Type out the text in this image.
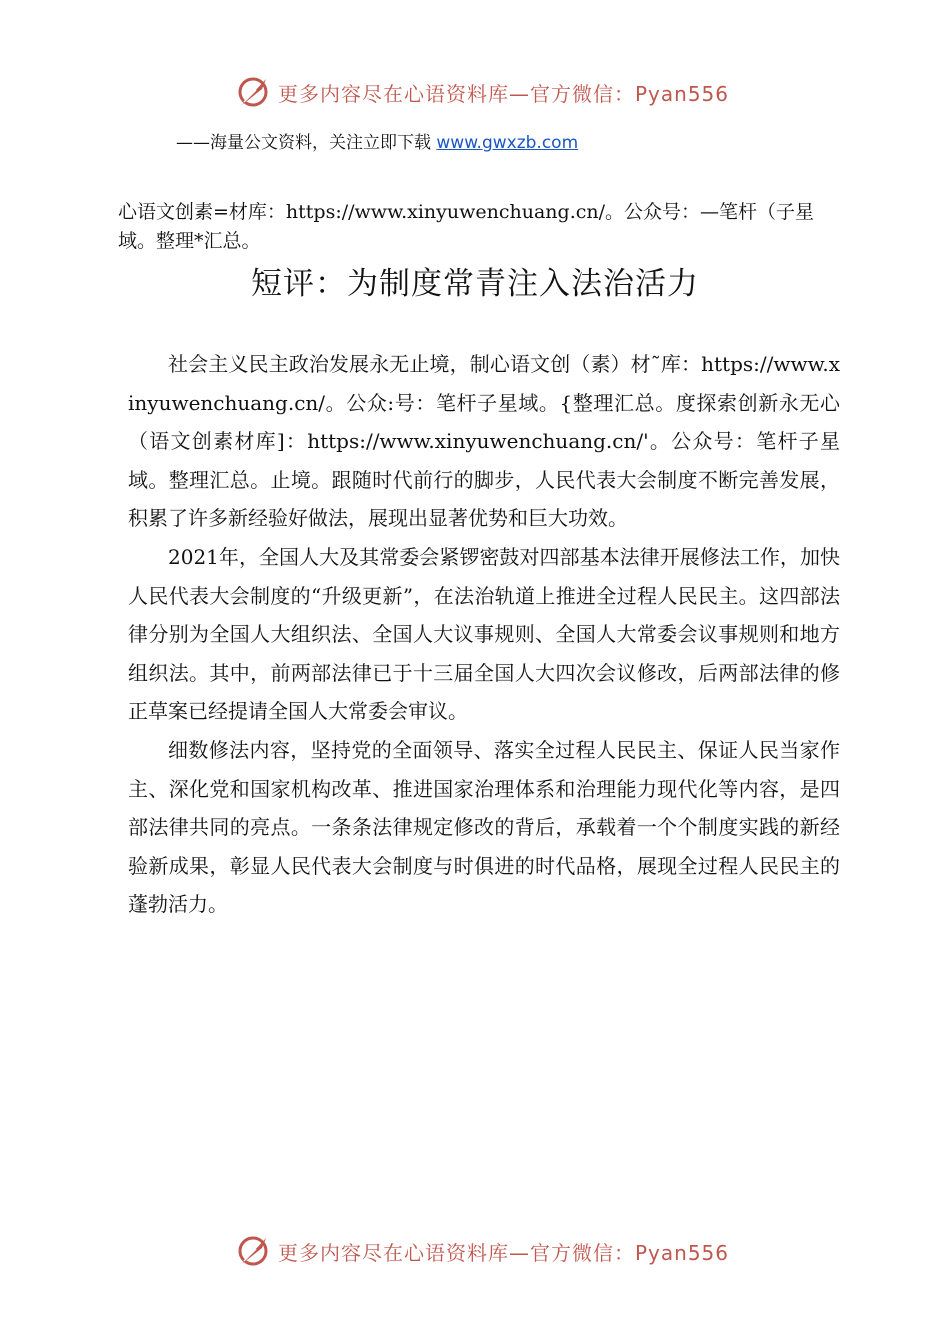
更多内容尽在心语资料库—官方微信：Pyan556
——海量公文资料，关注立即下载 www.gwxzb.com
心语文创素=材库：https://www.xinyuwenchuang.cn/。公众号：—笔杆（子星域。整理*汇总。
短评：为制度常青注入法治活力

社会主义民主政治发展永无止境，制心语文创（素）材˜库：https://www.xinyuwenchuang.cn/。公众:号：笔杆子星域。{整理汇总。度探索创新永无心（语文创素材库]：https://www.xinyuwenchuang.cn/'。公众号：笔杆子星域。整理汇总。止境。跟随时代前行的脚步，人民代表大会制度不断完善发展，积累了许多新经验好做法，展现出显著优势和巨大功效。

2021年，全国人大及其常委会紧锣密鼓对四部基本法律开展修法工作，加快人民代表大会制度的“升级更新”，在法治轨道上推进全过程人民民主。这四部法律分别为全国人大组织法、全国人大议事规则、全国人大常委会议事规则和地方组织法。其中，前两部法律已于十三届全国人大四次会议修改，后两部法律的修正草案已经提请全国人大常委会审议。

细数修法内容，坚持党的全面领导、落实全过程人民民主、保证人民当家作主、深化党和国家机构改革、推进国家治理体系和治理能力现代化等内容，是四部法律共同的亮点。一条条法律规定修改的背后，承载着一个个制度实践的新经验新成果，彰显人民代表大会制度与时俱进的时代品格，展现全过程人民民主的蓬勃活力。

更多内容尽在心语资料库—官方微信：Pyan556
